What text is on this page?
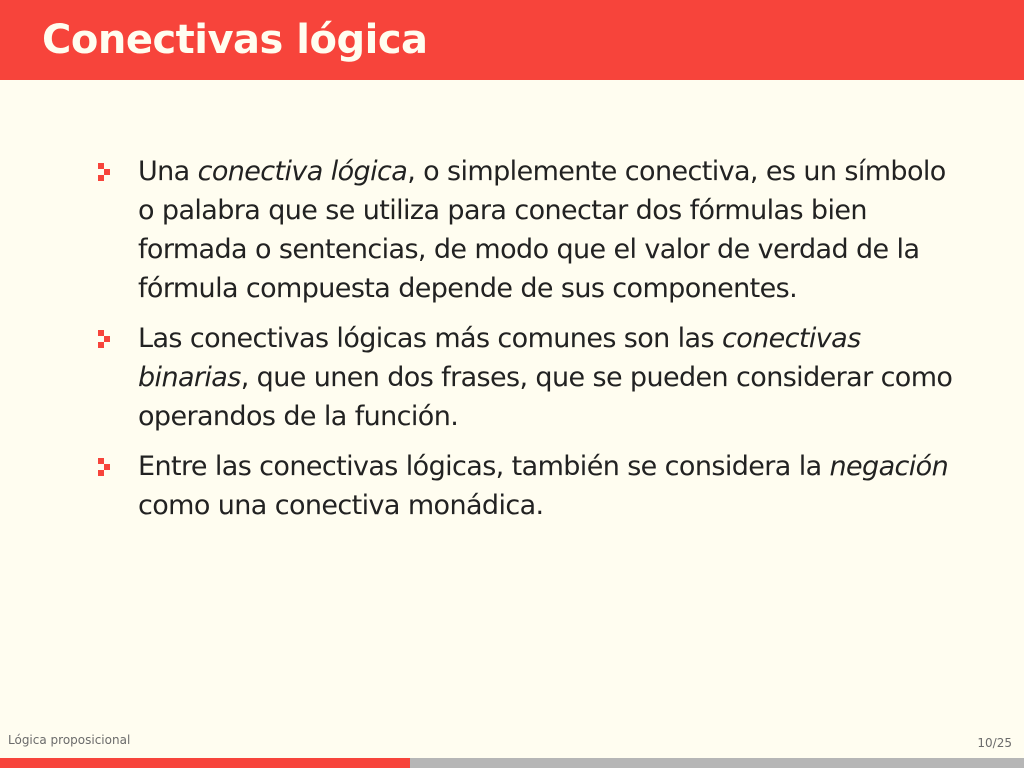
Conectivas lógica
Una conectiva lógica, o simplemente conectiva, es un símbolo o palabra que se utiliza para conectar dos fórmulas bien formada o sentencias, de modo que el valor de verdad de la fórmula compuesta depende de sus componentes.
Las conectivas lógicas más comunes son las conectivas binarias, que unen dos frases, que se pueden considerar como operandos de la función.
Entre las conectivas lógicas, también se considera la negación como una conectiva monádica.
Lógica proposicional	10/25
